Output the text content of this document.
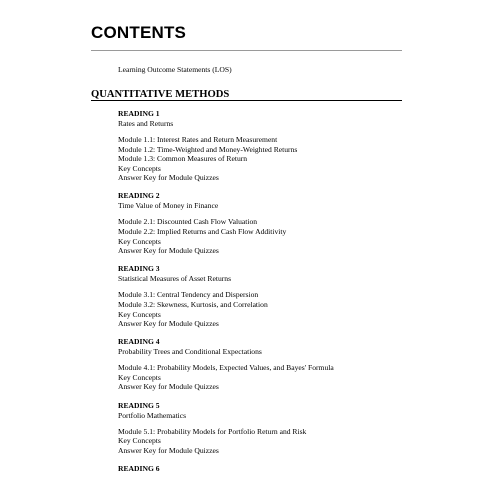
CONTENTS
Learning Outcome Statements (LOS)
QUANTITATIVE METHODS
READING 1
Rates and Returns
Module 1.1: Interest Rates and Return Measurement
Module 1.2: Time-Weighted and Money-Weighted Returns
Module 1.3: Common Measures of Return
Key Concepts
Answer Key for Module Quizzes
READING 2
Time Value of Money in Finance
Module 2.1: Discounted Cash Flow Valuation
Module 2.2: Implied Returns and Cash Flow Additivity
Key Concepts
Answer Key for Module Quizzes
READING 3
Statistical Measures of Asset Returns
Module 3.1: Central Tendency and Dispersion
Module 3.2: Skewness, Kurtosis, and Correlation
Key Concepts
Answer Key for Module Quizzes
READING 4
Probability Trees and Conditional Expectations
Module 4.1: Probability Models, Expected Values, and Bayes' Formula
Key Concepts
Answer Key for Module Quizzes
READING 5
Portfolio Mathematics
Module 5.1: Probability Models for Portfolio Return and Risk
Key Concepts
Answer Key for Module Quizzes
READING 6
